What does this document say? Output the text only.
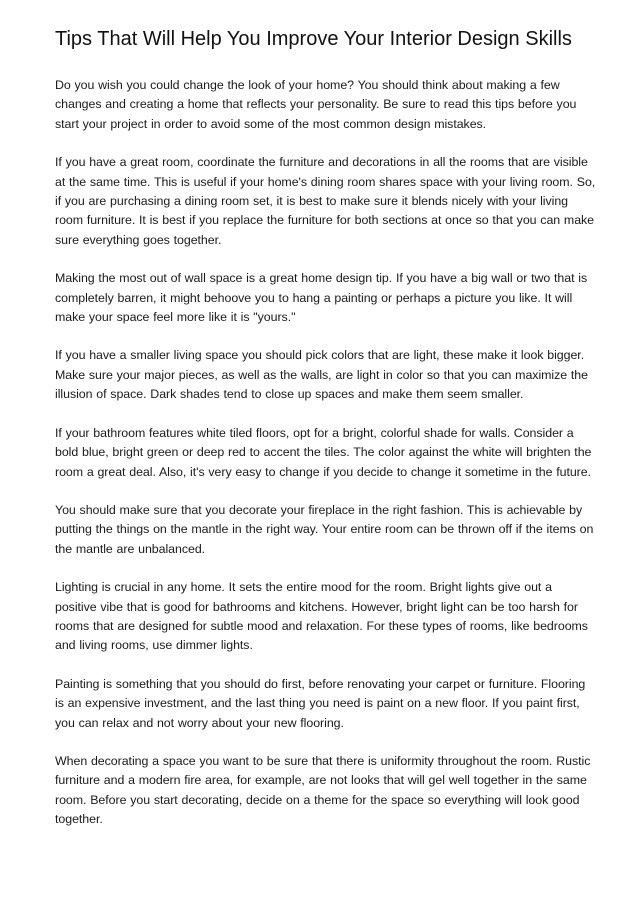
Tips That Will Help You Improve Your Interior Design Skills

Do you wish you could change the look of your home? You should think about making a few changes and creating a home that reflects your personality. Be sure to read this tips before you start your project in order to avoid some of the most common design mistakes.

If you have a great room, coordinate the furniture and decorations in all the rooms that are visible at the same time. This is useful if your home's dining room shares space with your living room. So, if you are purchasing a dining room set, it is best to make sure it blends nicely with your living room furniture. It is best if you replace the furniture for both sections at once so that you can make sure everything goes together.

Making the most out of wall space is a great home design tip. If you have a big wall or two that is completely barren, it might behoove you to hang a painting or perhaps a picture you like. It will make your space feel more like it is "yours."

If you have a smaller living space you should pick colors that are light, these make it look bigger. Make sure your major pieces, as well as the walls, are light in color so that you can maximize the illusion of space. Dark shades tend to close up spaces and make them seem smaller.

If your bathroom features white tiled floors, opt for a bright, colorful shade for walls. Consider a bold blue, bright green or deep red to accent the tiles. The color against the white will brighten the room a great deal. Also, it's very easy to change if you decide to change it sometime in the future.

You should make sure that you decorate your fireplace in the right fashion. This is achievable by putting the things on the mantle in the right way. Your entire room can be thrown off if the items on the mantle are unbalanced.

Lighting is crucial in any home. It sets the entire mood for the room. Bright lights give out a positive vibe that is good for bathrooms and kitchens. However, bright light can be too harsh for rooms that are designed for subtle mood and relaxation. For these types of rooms, like bedrooms and living rooms, use dimmer lights.

Painting is something that you should do first, before renovating your carpet or furniture. Flooring is an expensive investment, and the last thing you need is paint on a new floor. If you paint first, you can relax and not worry about your new flooring.

When decorating a space you want to be sure that there is uniformity throughout the room. Rustic furniture and a modern fire area, for example, are not looks that will gel well together in the same room. Before you start decorating, decide on a theme for the space so everything will look good together.
